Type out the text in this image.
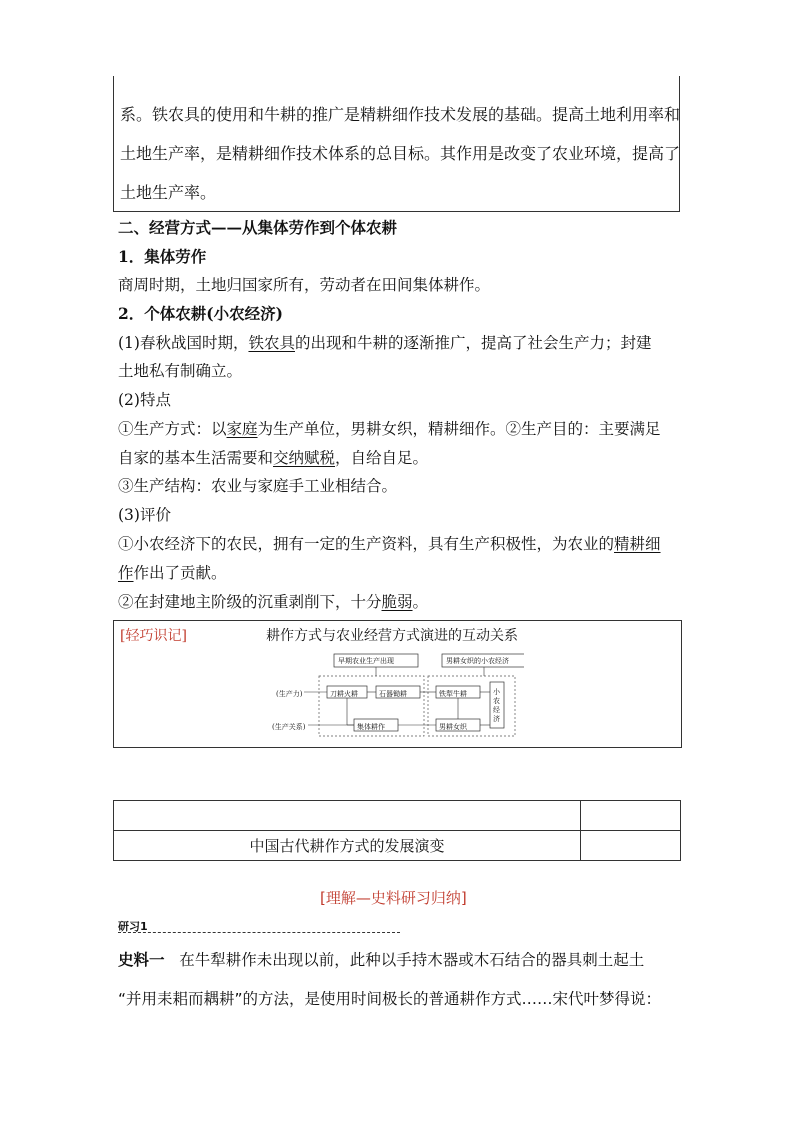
系。铁农具的使用和牛耕的推广是精耕细作技术发展的基础。提高土地利用率和
土地生产率，是精耕细作技术体系的总目标。其作用是改变了农业环境，提高了
土地生产率。
二、经营方式——从集体劳作到个体农耕
1．集体劳作
商周时期，土地归国家所有，劳动者在田间集体耕作。
2．个体农耕(小农经济)
(1)春秋战国时期，铁农具的出现和牛耕的逐渐推广，提高了社会生产力；封建
土地私有制确立。
(2)特点
①生产方式：以家庭为生产单位，男耕女织，精耕细作。②生产目的：主要满足
自家的基本生活需要和交纳赋税，自给自足。
③生产结构：农业与家庭手工业相结合。
(3)评价
①小农经济下的农民，拥有一定的生产资料，具有生产积极性，为农业的精耕细
作作出了贡献。
②在封建地主阶级的沉重剥削下，十分脆弱。
[轻巧识记]	耕作方式与农业经营方式演进的互动关系
早期农业生产出现	男耕女织的小农经济
(生产力)
(生产关系)
刀耕火耕	石器锄耕	铁犁牛耕
集体耕作	男耕女织
小农经济

中国古代耕作方式的发展演变	
[理解—史料研习归纳]
研习1
史料一 在牛犁耕作未出现以前，此种以手持木器或木石结合的器具刺土起土
“并用耒耜而耦耕”的方法，是使用时间极长的普通耕作方式……宋代叶梦得说：
